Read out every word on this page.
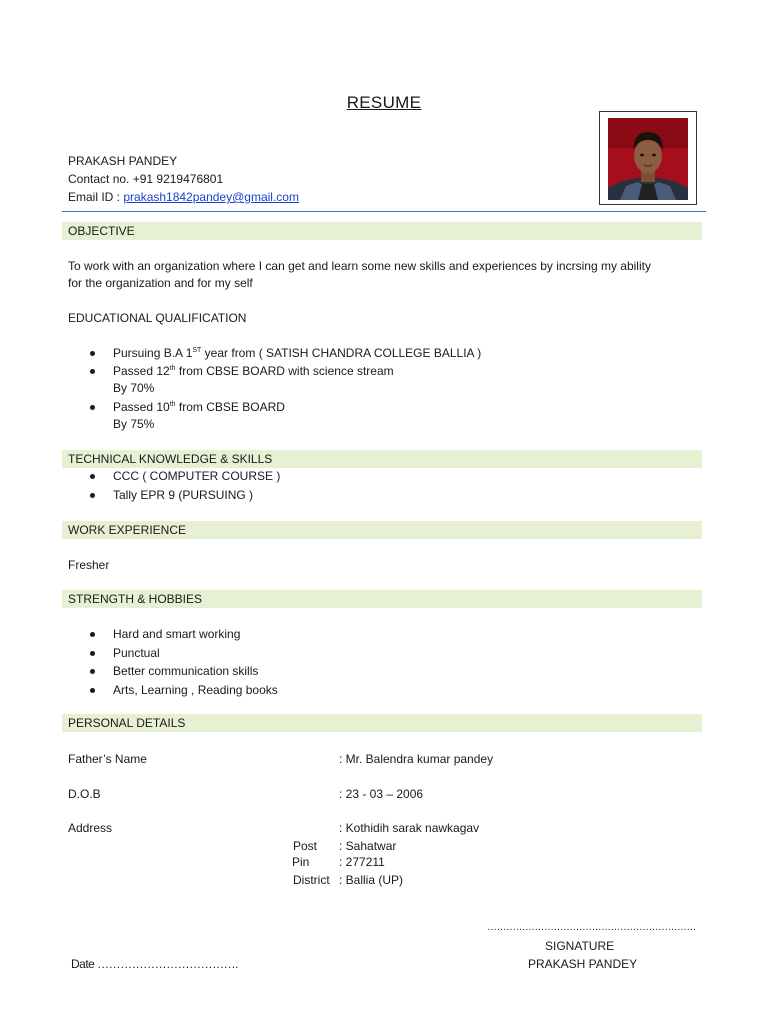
RESUME
PRAKASH PANDEY
Contact no. +91 9219476801
Email ID : prakash1842pandey@gmail.com
OBJECTIVE
To work with an organization where I can get and learn some new skills and experiences by incrsing my ability
for the organization and for my self
EDUCATIONAL QUALIFICATION
Pursuing B.A 1ST year from ( SATISH CHANDRA COLLEGE BALLIA )
Passed 12th from CBSE BOARD with science stream
By 70%
Passed 10th from CBSE BOARD
By 75%
TECHNICAL KNOWLEDGE & SKILLS
CCC ( COMPUTER COURSE )
Tally EPR 9 (PURSUING )
WORK EXPERIENCE
Fresher
STRENGTH & HOBBIES
Hard and smart working
Punctual
Better communication skills
Arts, Learning , Reading books
PERSONAL DETAILS
Father’s Name	: Mr. Balendra kumar pandey
D.O.B	: 23 - 03 – 2006
Address	: Kothidih sarak nawkagav
Post : Sahatwar
Pin : 277211
District : Ballia (UP)
…………………………………………………………
SIGNATURE
PRAKASH PANDEY
Date ……………………………….
